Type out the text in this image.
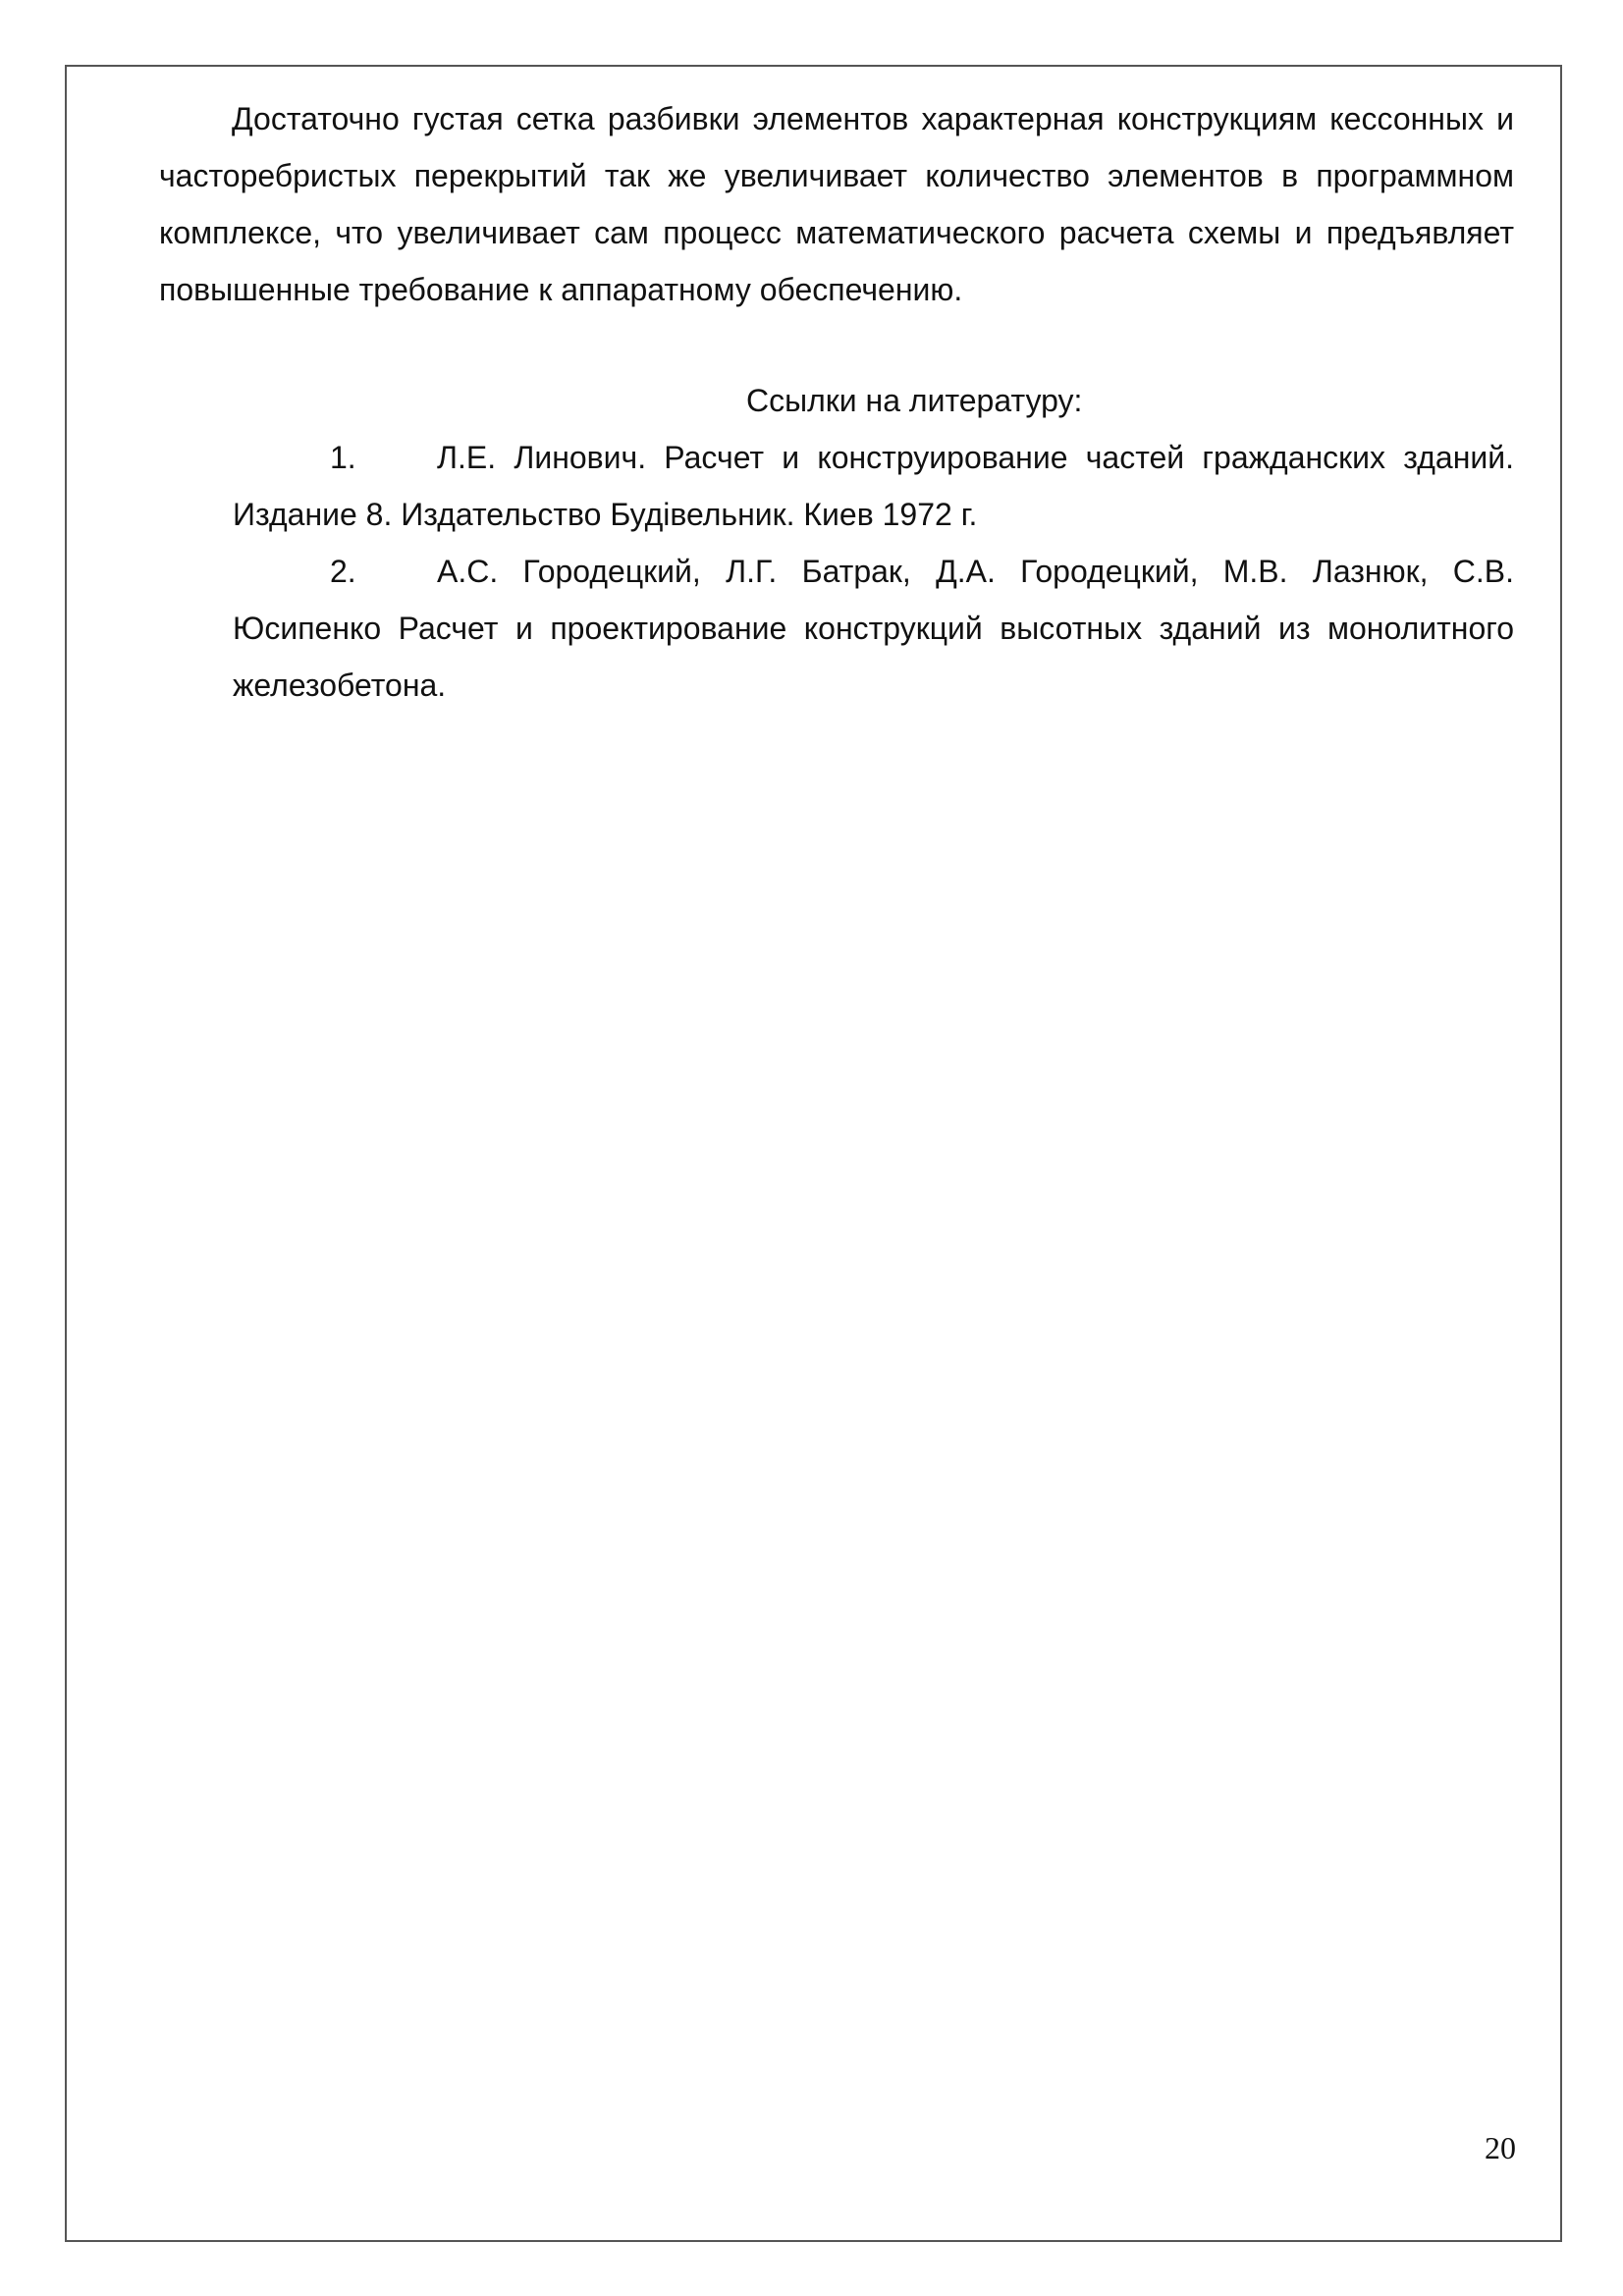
Достаточно густая сетка разбивки элементов характерная конструкциям кессонных и часторебристых перекрытий так же увеличивает количество элементов в программном комплексе, что увеличивает сам процесс математического расчета схемы и предъявляет повышенные требование к аппаратному обеспечению.

Ссылки на литературу:

1.	Л.Е. Линович. Расчет и конструирование частей гражданских зданий. Издание 8. Издательство Будівельник. Киев 1972 г.
2.	А.С. Городецкий, Л.Г. Батрак, Д.А. Городецкий, М.В. Лазнюк, С.В. Юсипенко Расчет и проектирование конструкций высотных зданий из монолитного железобетона.
20
